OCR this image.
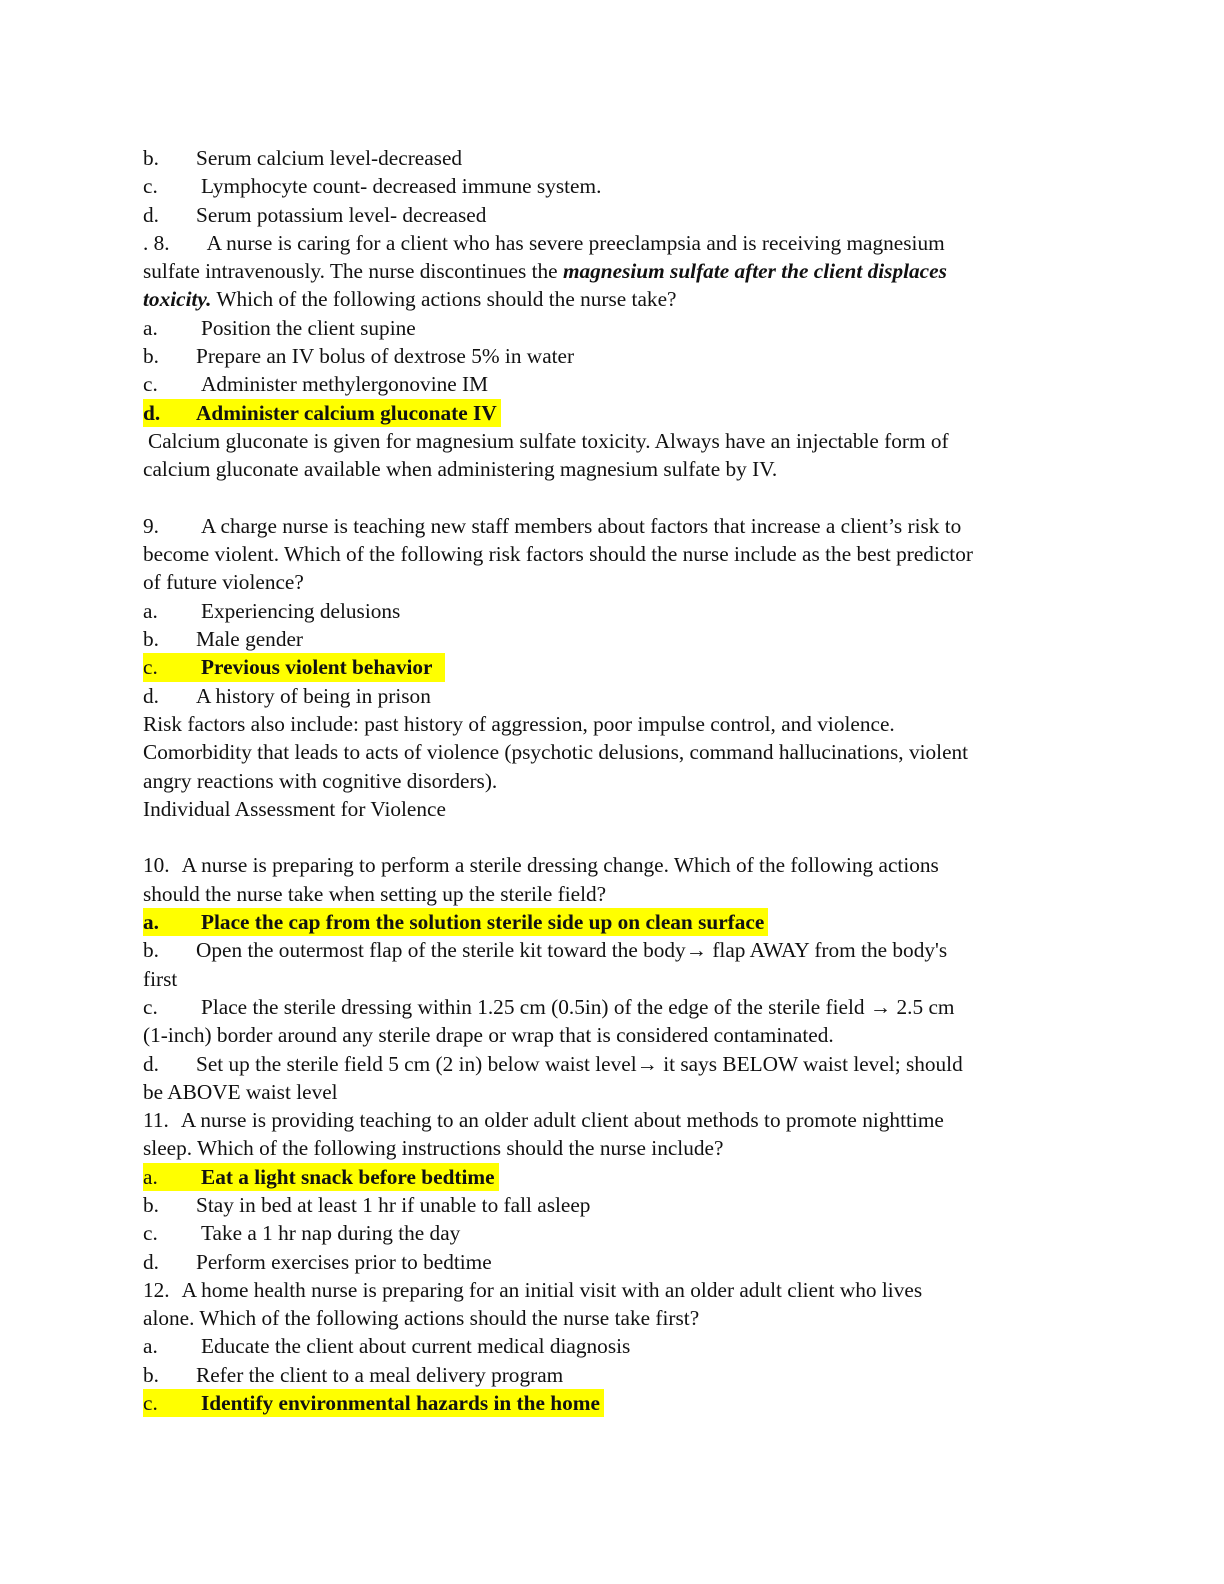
b.	Serum calcium level-decreased
c.	Lymphocyte count- decreased immune system.
d.	Serum potassium level- decreased
. 8. A nurse is caring for a client who has severe preeclampsia and is receiving magnesium
sulfate intravenously. The nurse discontinues the magnesium sulfate after the client displaces
toxicity. Which of the following actions should the nurse take?
a.	Position the client supine
b.	Prepare an IV bolus of dextrose 5% in water
c.	Administer methylergonovine IM
d.	Administer calcium gluconate IV
Calcium gluconate is given for magnesium sulfate toxicity. Always have an injectable form of
calcium gluconate available when administering magnesium sulfate by IV.
9. A charge nurse is teaching new staff members about factors that increase a client’s risk to
become violent. Which of the following risk factors should the nurse include as the best predictor
of future violence?
a.	Experiencing delusions
b.	Male gender
c.	Previous violent behavior
d.	A history of being in prison
Risk factors also include: past history of aggression, poor impulse control, and violence.
Comorbidity that leads to acts of violence (psychotic delusions, command hallucinations, violent
angry reactions with cognitive disorders).
Individual Assessment for Violence
10. A nurse is preparing to perform a sterile dressing change. Which of the following actions
should the nurse take when setting up the sterile field?
a.	Place the cap from the solution sterile side up on clean surface
b.	Open the outermost flap of the sterile kit toward the body→ flap AWAY from the body's
first
c.	Place the sterile dressing within 1.25 cm (0.5in) of the edge of the sterile field → 2.5 cm
(1-inch) border around any sterile drape or wrap that is considered contaminated.
d.	Set up the sterile field 5 cm (2 in) below waist level→ it says BELOW waist level; should
be ABOVE waist level
11. A nurse is providing teaching to an older adult client about methods to promote nighttime
sleep. Which of the following instructions should the nurse include?
a.	Eat a light snack before bedtime
b.	Stay in bed at least 1 hr if unable to fall asleep
c.	Take a 1 hr nap during the day
d.	Perform exercises prior to bedtime
12. A home health nurse is preparing for an initial visit with an older adult client who lives
alone. Which of the following actions should the nurse take first?
a.	Educate the client about current medical diagnosis
b.	Refer the client to a meal delivery program
c.	Identify environmental hazards in the home
